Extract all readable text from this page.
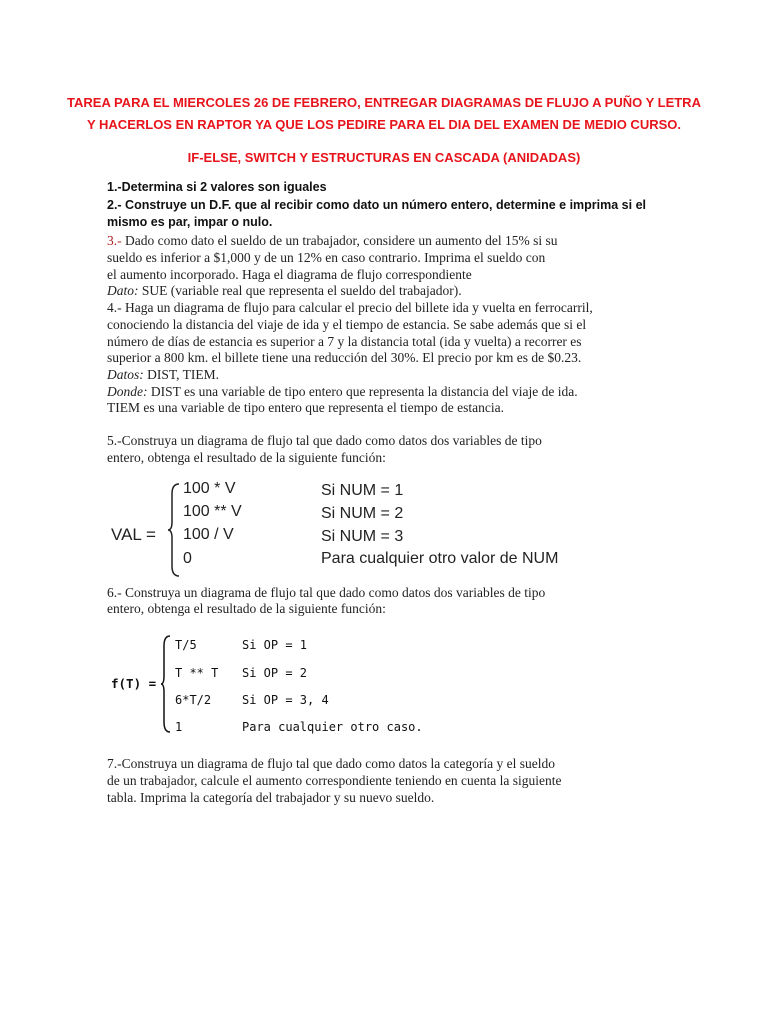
TAREA PARA EL MIERCOLES 26 DE FEBRERO, ENTREGAR DIAGRAMAS DE FLUJO A PUÑO Y LETRA
Y HACERLOS EN RAPTOR YA QUE LOS PEDIRE PARA EL DIA DEL EXAMEN DE MEDIO CURSO.
IF-ELSE, SWITCH Y ESTRUCTURAS EN CASCADA (ANIDADAS)
1.-Determina si 2 valores son iguales
2.- Construye un D.F. que al recibir como dato un número entero, determine e imprima si el
mismo es par, impar o nulo.
3.- Dado como dato el sueldo de un trabajador, considere un aumento del 15% si su
sueldo es inferior a $1,000 y de un 12% en caso contrario. Imprima el sueldo con
el aumento incorporado. Haga el diagrama de flujo correspondiente
Dato: SUE (variable real que representa el sueldo del trabajador).
4.- Haga un diagrama de flujo para calcular el precio del billete ida y vuelta en ferrocarril,
conociendo la distancia del viaje de ida y el tiempo de estancia. Se sabe además que si el
número de días de estancia es superior a 7 y la distancia total (ida y vuelta) a recorrer es
superior a 800 km. el billete tiene una reducción del 30%. El precio por km es de $0.23.
Datos: DIST, TIEM.
Donde: DIST es una variable de tipo entero que representa la distancia del viaje de ida.
TIEM es una variable de tipo entero que representa el tiempo de estancia.
5.-Construya un diagrama de flujo tal que dado como datos dos variables de tipo
entero, obtenga el resultado de la siguiente función:
VAL =
100 * V	Si NUM = 1
100 ** V	Si NUM = 2
100 / V	Si NUM = 3
0	Para cualquier otro valor de NUM
6.- Construya un diagrama de flujo tal que dado como datos dos variables de tipo
entero, obtenga el resultado de la siguiente función:
f(T) =
T/5	Si OP = 1
T ** T Si OP = 2
6*T/2	Si OP = 3, 4
1	Para cualquier otro caso.
7.-Construya un diagrama de flujo tal que dado como datos la categoría y el sueldo
de un trabajador, calcule el aumento correspondiente teniendo en cuenta la siguiente
tabla. Imprima la categoría del trabajador y su nuevo sueldo.
